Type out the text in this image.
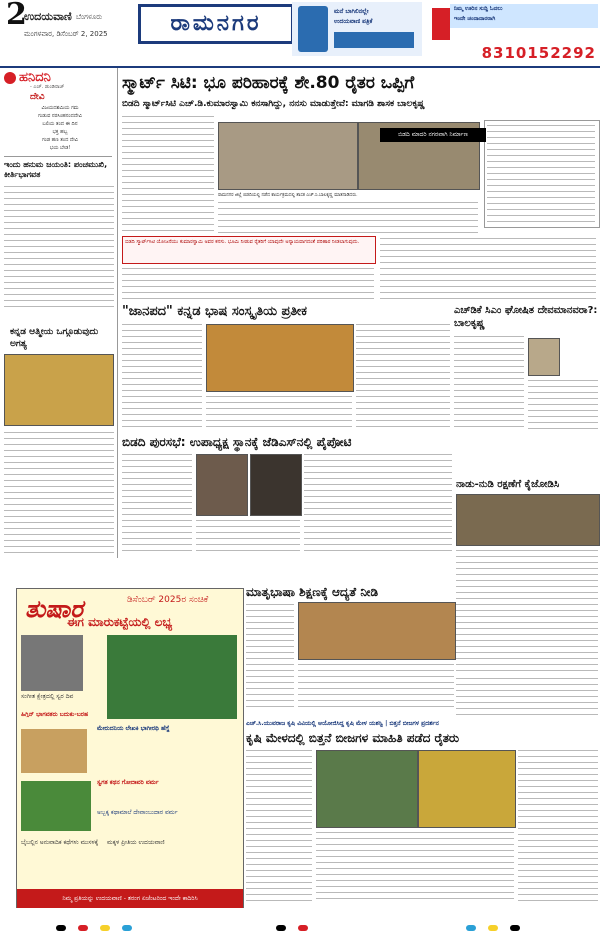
2
ಉದಯವಾಣಿ ಬೆಂಗಳೂರು
ಮಂಗಳವಾರ, ಡಿಸೆಂಬರ್ 2, 2025	ರಾಮನಗರ	ಮನೆ ಬಾಗಿಲಿನಲ್ಲೇ
ಉದಯವಾಣಿ ಪತ್ರಿಕೆ
ನಿಮ್ಮ ಊರಿನ ಸುದ್ದಿ ಓದಲು
ಇಂದೇ ಚಂದಾದಾರರಾಗಿ
8310152292
ಹನಿದನಿ
- ಎಚ್. ಡುಂಡಿರಾಜ್
ದೇವಿ
ವಿಜಯದಶಮಿಯ ಗಮ
ಗುಡುವ ನರಸಿಂಹನಂದದೇವಿ
ಬಲಿಯ ತಂದ ಈ ದಿನ
ಭಕ್ತ ಹಬ್ಬ
ಗಂಡ ಹಣ ತಂದ ದೇವಿ
ಭಯ ಬೇಡ!
ಇಂದು ಹನುಮ ಜಯಂತಿ: ಪಂಚಮುಖಿ, ಕೀರ್ತಿಭಾಗವತ
ಕನ್ನಡ ಆತ್ಮೀಯ ಒಗ್ಗೂಡುವುದು ಅಗತ್ಯ
ಸ್ಮಾರ್ಟ್‌ ಸಿಟಿ: ಭೂ ಪರಿಹಾರಕ್ಕೆ ಶೇ.80 ರೈತರ ಒಪ್ಪಿಗೆ
ಬಿಡದಿ ಸ್ಮಾರ್ಟ್‌ಸಿಟಿ ಎಚ್.ಡಿ.ಕುಮಾರಸ್ವಾಮಿ ಕನಸಾಗಿದ್ದು, ನನಸು ಮಾಡುತ್ತೇವೆ: ಮಾಗಡಿ ಶಾಸಕ ಬಾಲಕೃಷ್ಣ
ರಾಮನಗರ ಜಿಲ್ಲೆ ಬಿಡದಿಯಲ್ಲಿ ನಡೆದ ಕಾರ್ಯಕ್ರಮದಲ್ಲಿ ಶಾಸಕ ಎಚ್.ಸಿ.ಬಾಲಕೃಷ್ಣ ಮಾತನಾಡಿದರು.
ಬಿಡದಿ ಸ್ಮಾರ್ಟ್‌ಸಿಟಿ ಯೋಜನೆಯು ಕುಮಾರಸ್ವಾಮಿ ಅವರ ಕನಸು. ಭೂಮಿ ನೀಡುವ ರೈತರಿಗೆ ಯಾವುದೇ ಅನ್ಯಾಯವಾಗದಂತೆ ಪರಿಹಾರ ನೀಡಲಾಗುವುದು.
ಬಿಡದಿ ಮಾದರಿ ನಗರವಾಗಿ ನಿರ್ಮಾಣ
"ಜಾನಪದ" ಕನ್ನಡ ಭಾಷ ಸಂಸ್ಕೃತಿಯ ಪ್ರತೀಕ	ಎಚ್‌ಡಿಕೆ ಸಿಎಂ ಘೋಷಿತ ದೇವಮಾನವರಾ?: ಬಾಲಕೃಷ್ಣ
ಬಿಡದಿ ಪುರಸಭೆ: ಉಪಾಧ್ಯಕ್ಷ ಸ್ಥಾನಕ್ಕೆ ಜೆಡಿಎಸ್‌ನಲ್ಲಿ ಪೈಪೋಟಿ
ನಾಡು-ನುಡಿ ರಕ್ಷಣೆಗೆ ಕೈಜೋಡಿಸಿ
ತುಷಾರ	ಡಿಸೆಂಬರ್ 2025ರ ಸಂಚಿಕೆ
ಈಗ ಮಾರುಕಟ್ಟೆಯಲ್ಲಿ ಲಭ್ಯ
ಸಂಗೀತ ಕ್ಷೇತ್ರದಲ್ಲಿ ಸ್ವರ ದಿವ
ಹಿಗ್ಗಿನ್ ಭಾಗವತರು ಬದುಕು-ಬರಹ
ಮೇರುದನಿಯ ಲೇಖಕಿ ಭಾಗೀರಥಿ ಹೆಗ್ಡೆ
ಸ್ವಗತ ಕಥನ ಗೋದಾವರಿ ವರ್ಮ
ಅಬ್ಬಕ್ಕ ಕಥಾಮಾಲೆ ದೇವಾಂಬುದಾರ ವರ್ಮ
ಬೈಬಲ್ಲಿನ ಅನುವಾದಿಕ ಕಥೆಗಳು ಮುಸಳಕ್ಕೆ	ಮಕ್ಕಳ ಪ್ರೀತಿಯ ಉದಯವಾಣಿ
ನಿಮ್ಮ ಪ್ರತಿಯನ್ನು ಉದಯವಾಣಿ - ತರಂಗ ಏಜೆಂಟರಿಂದ ಇಂದೇ ಕಾದಿರಿಸಿ
ಮಾತೃಭಾಷಾ ಶಿಕ್ಷಣಕ್ಕೆ ಆದ್ಯತೆ ನೀಡಿ
ಎಚ್.ಸಿ.ಯುವರಾಜ ಕೃಷಿ ವಿವಿಯಲ್ಲಿ ಆಯೋಜಿಸಿದ್ದ ಕೃಷಿ ಮೇಳ ಯಶಸ್ವಿ | ಬಿತ್ತನೆ ಬೀಜಗಳ ಪ್ರದರ್ಶನ
ಕೃಷಿ ಮೇಳದಲ್ಲಿ ಬಿತ್ತನೆ ಬೀಜಗಳ ಮಾಹಿತಿ ಪಡೆದ ರೈತರು
